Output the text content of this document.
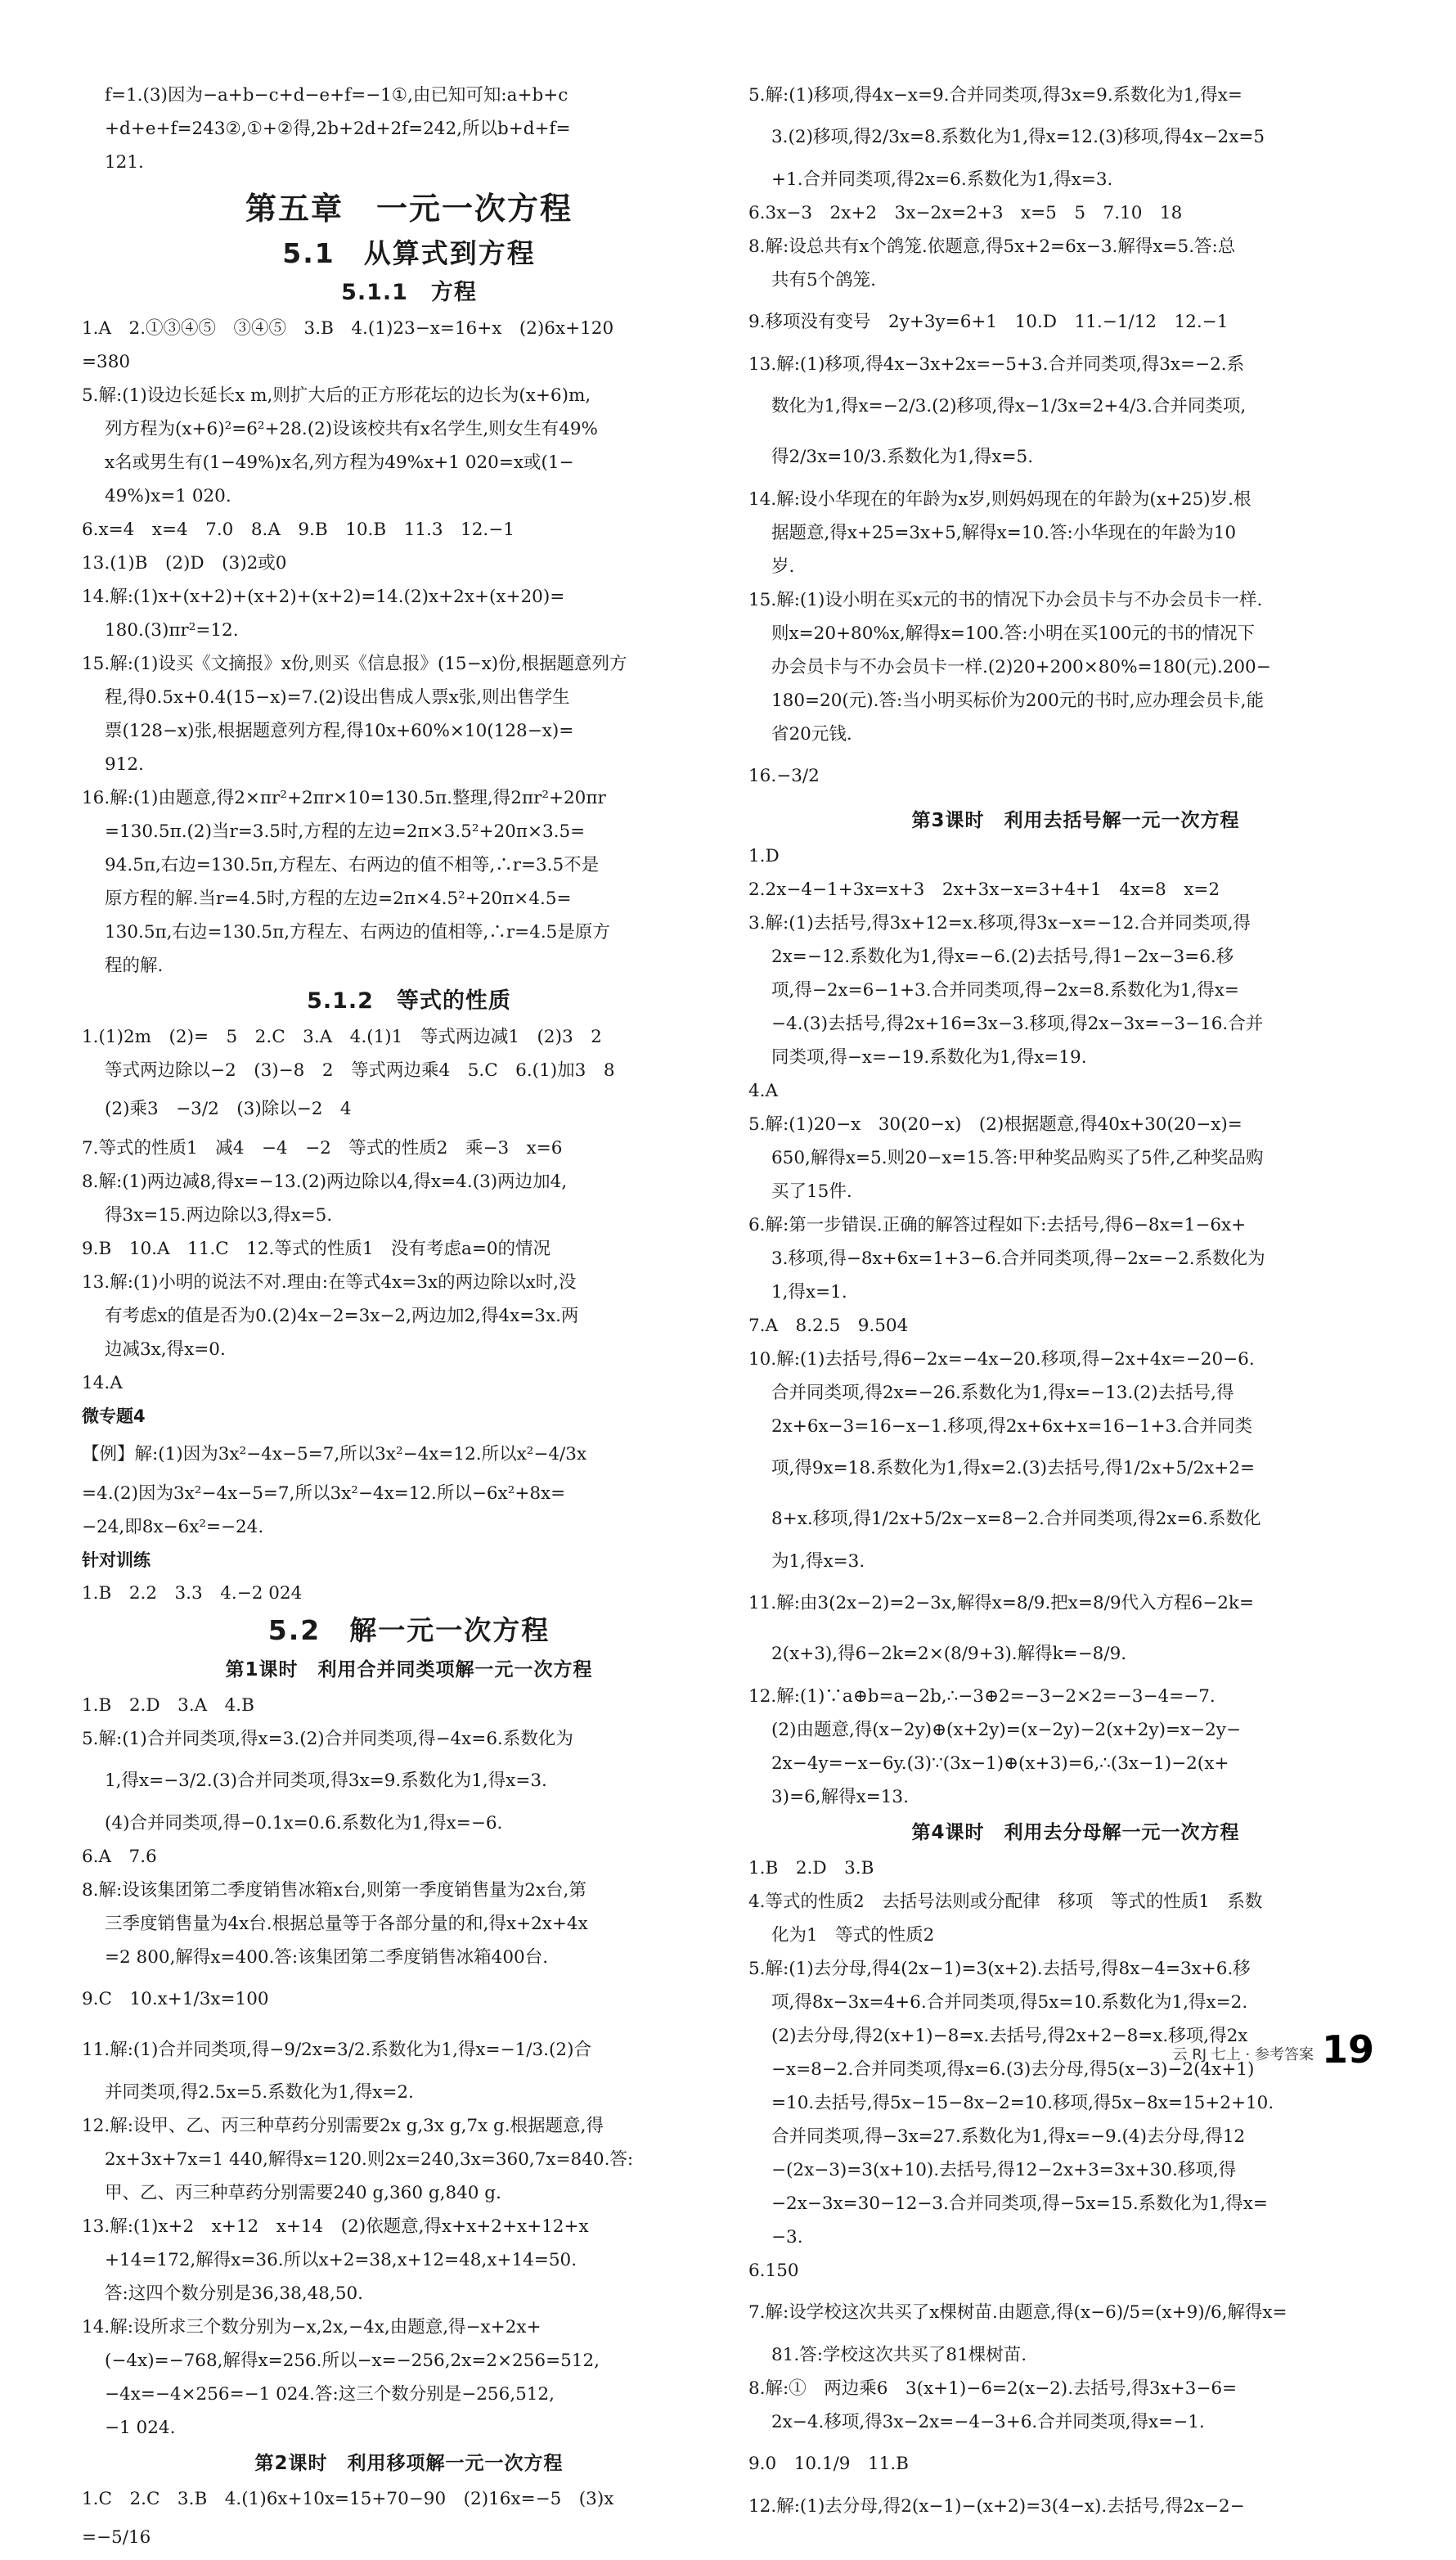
f=1.(3)因为−a+b−c+d−e+f=−1①,由已知可知:a+b+c
+d+e+f=243②,①+②得,2b+2d+2f=242,所以b+d+f=
121.
第五章　一元一次方程
5.1　从算式到方程
5.1.1　方程
1.A　2.①③④⑤　③④⑤　3.B　4.(1)23−x=16+x　(2)6x+120
=380
5.解:(1)设边长延长x m,则扩大后的正方形花坛的边长为(x+6)m,
列方程为(x+6)²=6²+28.(2)设该校共有x名学生,则女生有49%
x名或男生有(1−49%)x名,列方程为49%x+1 020=x或(1−
49%)x=1 020.
6.x=4　x=4　7.0　8.A　9.B　10.B　11.3　12.−1
13.(1)B　(2)D　(3)2或0
14.解:(1)x+(x+2)+(x+2)+(x+2)=14.(2)x+2x+(x+20)=
180.(3)πr²=12.
15.解:(1)设买《文摘报》x份,则买《信息报》(15−x)份,根据题意列方
程,得0.5x+0.4(15−x)=7.(2)设出售成人票x张,则出售学生
票(128−x)张,根据题意列方程,得10x+60%×10(128−x)=
912.
16.解:(1)由题意,得2×πr²+2πr×10=130.5π.整理,得2πr²+20πr
=130.5π.(2)当r=3.5时,方程的左边=2π×3.5²+20π×3.5=
94.5π,右边=130.5π,方程左、右两边的值不相等,∴r=3.5不是
原方程的解.当r=4.5时,方程的左边=2π×4.5²+20π×4.5=
130.5π,右边=130.5π,方程左、右两边的值相等,∴r=4.5是原方
程的解.
5.1.2　等式的性质
1.(1)2m　(2)=　5　2.C　3.A　4.(1)1　等式两边减1　(2)3　2
等式两边除以−2　(3)−8　2　等式两边乘4　5.C　6.(1)加3　8
(2)乘3　−3/2　(3)除以−2　4
7.等式的性质1　减4　−4　−2　等式的性质2　乘−3　x=6
8.解:(1)两边减8,得x=−13.(2)两边除以4,得x=4.(3)两边加4,
得3x=15.两边除以3,得x=5.
9.B　10.A　11.C　12.等式的性质1　没有考虑a=0的情况
13.解:(1)小明的说法不对.理由:在等式4x=3x的两边除以x时,没
有考虑x的值是否为0.(2)4x−2=3x−2,两边加2,得4x=3x.两
边减3x,得x=0.
14.A
微专题4
【例】解:(1)因为3x²−4x−5=7,所以3x²−4x=12.所以x²−4/3x
=4.(2)因为3x²−4x−5=7,所以3x²−4x=12.所以−6x²+8x=
−24,即8x−6x²=−24.
针对训练
1.B　2.2　3.3　4.−2 024
5.2　解一元一次方程
第1课时　利用合并同类项解一元一次方程
1.B　2.D　3.A　4.B
5.解:(1)合并同类项,得x=3.(2)合并同类项,得−4x=6.系数化为
1,得x=−3/2.(3)合并同类项,得3x=9.系数化为1,得x=3.
(4)合并同类项,得−0.1x=0.6.系数化为1,得x=−6.
6.A　7.6
8.解:设该集团第二季度销售冰箱x台,则第一季度销售量为2x台,第
三季度销售量为4x台.根据总量等于各部分量的和,得x+2x+4x
=2 800,解得x=400.答:该集团第二季度销售冰箱400台.
9.C　10.x+1/3x=100
11.解:(1)合并同类项,得−9/2x=3/2.系数化为1,得x=−1/3.(2)合
并同类项,得2.5x=5.系数化为1,得x=2.
12.解:设甲、乙、丙三种草药分别需要2x g,3x g,7x g.根据题意,得
2x+3x+7x=1 440,解得x=120.则2x=240,3x=360,7x=840.答:
甲、乙、丙三种草药分别需要240 g,360 g,840 g.
13.解:(1)x+2　x+12　x+14　(2)依题意,得x+x+2+x+12+x
+14=172,解得x=36.所以x+2=38,x+12=48,x+14=50.
答:这四个数分别是36,38,48,50.
14.解:设所求三个数分别为−x,2x,−4x,由题意,得−x+2x+
(−4x)=−768,解得x=256.所以−x=−256,2x=2×256=512,
−4x=−4×256=−1 024.答:这三个数分别是−256,512,
−1 024.
第2课时　利用移项解一元一次方程
1.C　2.C　3.B　4.(1)6x+10x=15+70−90　(2)16x=−5　(3)x
=−5/16
5.解:(1)移项,得4x−x=9.合并同类项,得3x=9.系数化为1,得x=
3.(2)移项,得2/3x=8.系数化为1,得x=12.(3)移项,得4x−2x=5
+1.合并同类项,得2x=6.系数化为1,得x=3.
6.3x−3　2x+2　3x−2x=2+3　x=5　5　7.10　18
8.解:设总共有x个鸽笼.依题意,得5x+2=6x−3.解得x=5.答:总
共有5个鸽笼.
9.移项没有变号　2y+3y=6+1　10.D　11.−1/12　12.−1
13.解:(1)移项,得4x−3x+2x=−5+3.合并同类项,得3x=−2.系
数化为1,得x=−2/3.(2)移项,得x−1/3x=2+4/3.合并同类项,
得2/3x=10/3.系数化为1,得x=5.
14.解:设小华现在的年龄为x岁,则妈妈现在的年龄为(x+25)岁.根
据题意,得x+25=3x+5,解得x=10.答:小华现在的年龄为10
岁.
15.解:(1)设小明在买x元的书的情况下办会员卡与不办会员卡一样.
则x=20+80%x,解得x=100.答:小明在买100元的书的情况下
办会员卡与不办会员卡一样.(2)20+200×80%=180(元).200−
180=20(元).答:当小明买标价为200元的书时,应办理会员卡,能
省20元钱.
16.−3/2
第3课时　利用去括号解一元一次方程
1.D
2.2x−4−1+3x=x+3　2x+3x−x=3+4+1　4x=8　x=2
3.解:(1)去括号,得3x+12=x.移项,得3x−x=−12.合并同类项,得
2x=−12.系数化为1,得x=−6.(2)去括号,得1−2x−3=6.移
项,得−2x=6−1+3.合并同类项,得−2x=8.系数化为1,得x=
−4.(3)去括号,得2x+16=3x−3.移项,得2x−3x=−3−16.合并
同类项,得−x=−19.系数化为1,得x=19.
4.A
5.解:(1)20−x　30(20−x)　(2)根据题意,得40x+30(20−x)=
650,解得x=5.则20−x=15.答:甲种奖品购买了5件,乙种奖品购
买了15件.
6.解:第一步错误.正确的解答过程如下:去括号,得6−8x=1−6x+
3.移项,得−8x+6x=1+3−6.合并同类项,得−2x=−2.系数化为
1,得x=1.
7.A　8.2.5　9.504
10.解:(1)去括号,得6−2x=−4x−20.移项,得−2x+4x=−20−6.
合并同类项,得2x=−26.系数化为1,得x=−13.(2)去括号,得
2x+6x−3=16−x−1.移项,得2x+6x+x=16−1+3.合并同类
项,得9x=18.系数化为1,得x=2.(3)去括号,得1/2x+5/2x+2=
8+x.移项,得1/2x+5/2x−x=8−2.合并同类项,得2x=6.系数化
为1,得x=3.
11.解:由3(2x−2)=2−3x,解得x=8/9.把x=8/9代入方程6−2k=
2(x+3),得6−2k=2×(8/9+3).解得k=−8/9.
12.解:(1)∵a⊕b=a−2b,∴−3⊕2=−3−2×2=−3−4=−7.
(2)由题意,得(x−2y)⊕(x+2y)=(x−2y)−2(x+2y)=x−2y−
2x−4y=−x−6y.(3)∵(3x−1)⊕(x+3)=6,∴(3x−1)−2(x+
3)=6,解得x=13.
第4课时　利用去分母解一元一次方程
1.B　2.D　3.B
4.等式的性质2　去括号法则或分配律　移项　等式的性质1　系数
化为1　等式的性质2
5.解:(1)去分母,得4(2x−1)=3(x+2).去括号,得8x−4=3x+6.移
项,得8x−3x=4+6.合并同类项,得5x=10.系数化为1,得x=2.
(2)去分母,得2(x+1)−8=x.去括号,得2x+2−8=x.移项,得2x
−x=8−2.合并同类项,得x=6.(3)去分母,得5(x−3)−2(4x+1)
=10.去括号,得5x−15−8x−2=10.移项,得5x−8x=15+2+10.
合并同类项,得−3x=27.系数化为1,得x=−9.(4)去分母,得12
−(2x−3)=3(x+10).去括号,得12−2x+3=3x+30.移项,得
−2x−3x=30−12−3.合并同类项,得−5x=15.系数化为1,得x=
−3.
6.150
7.解:设学校这次共买了x棵树苗.由题意,得(x−6)/5=(x+9)/6,解得x=
81.答:学校这次共买了81棵树苗.
8.解:①　两边乘6　3(x+1)−6=2(x−2).去括号,得3x+3−6=
2x−4.移项,得3x−2x=−4−3+6.合并同类项,得x=−1.
9.0　10.1/9　11.B
12.解:(1)去分母,得2(x−1)−(x+2)=3(4−x).去括号,得2x−2−
云 RJ 七上 · 参考答案 19
